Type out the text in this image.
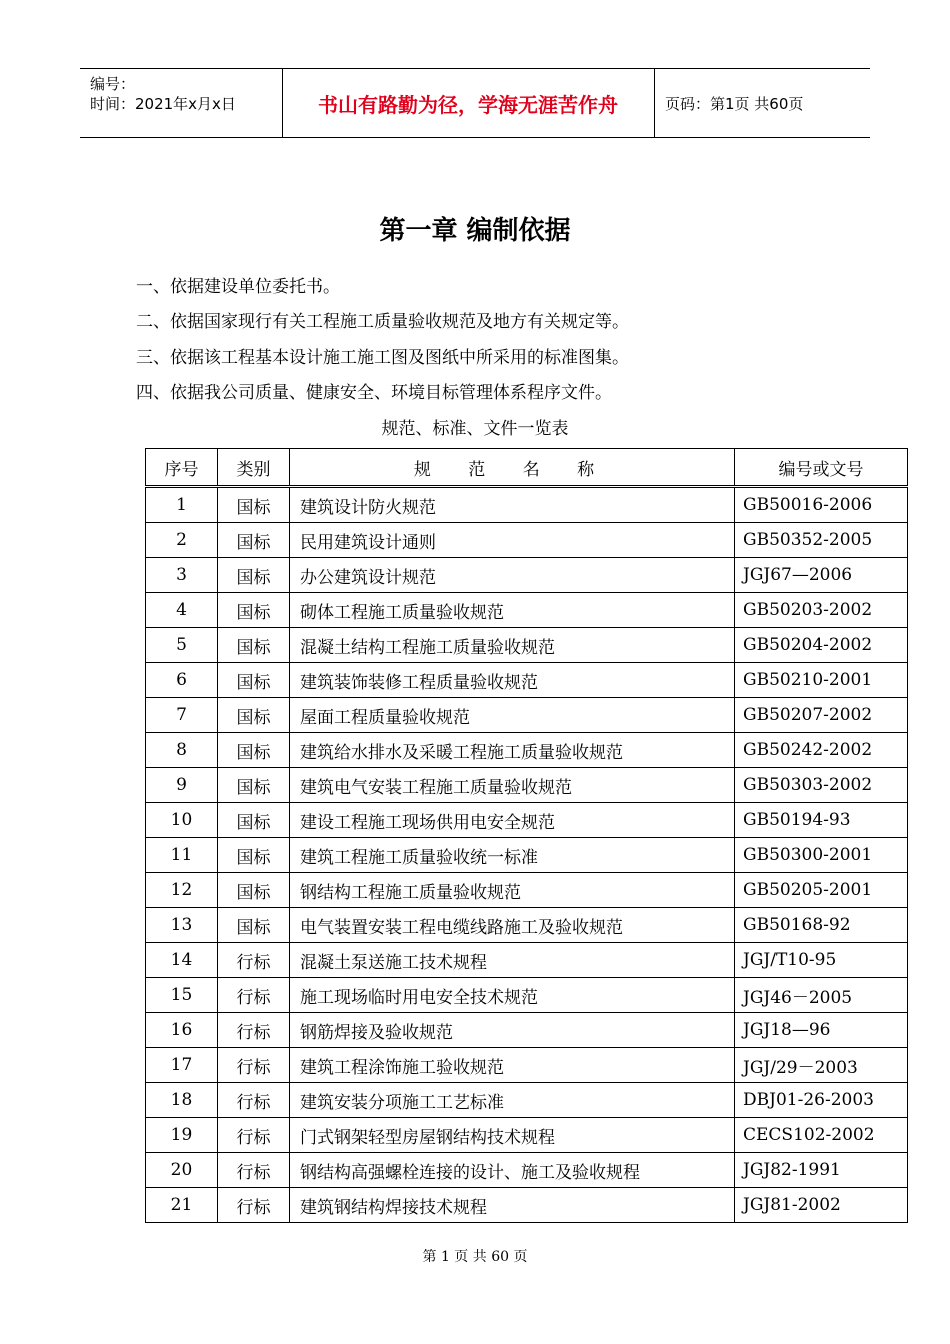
编号：
时间：2021年x月x日	书山有路勤为径，学海无涯苦作舟	页码：第1页 共60页
第一章 编制依据
一、依据建设单位委托书。
二、依据国家现行有关工程施工质量验收规范及地方有关规定等。
三、依据该工程基本设计施工施工图及图纸中所采用的标准图集。
四、依据我公司质量、健康安全、环境目标管理体系程序文件。
规范、标准、文件一览表
序号	类别	规 范 名 称	编号或文号
1	国标	建筑设计防火规范	GB50016-2006
2	国标	民用建筑设计通则	GB50352-2005
3	国标	办公建筑设计规范	JGJ67—2006
4	国标	砌体工程施工质量验收规范	GB50203-2002
5	国标	混凝土结构工程施工质量验收规范	GB50204-2002
6	国标	建筑装饰装修工程质量验收规范	GB50210-2001
7	国标	屋面工程质量验收规范	GB50207-2002
8	国标	建筑给水排水及采暖工程施工质量验收规范	GB50242-2002
9	国标	建筑电气安装工程施工质量验收规范	GB50303-2002
10	国标	建设工程施工现场供用电安全规范	GB50194-93
11	国标	建筑工程施工质量验收统一标准	GB50300-2001
12	国标	钢结构工程施工质量验收规范	GB50205-2001
13	国标	电气装置安装工程电缆线路施工及验收规范	GB50168-92
14	行标	混凝土泵送施工技术规程	JGJ/T10-95
15	行标	施工现场临时用电安全技术规范	JGJ46－2005
16	行标	钢筋焊接及验收规范	JGJ18—96
17	行标	建筑工程涂饰施工验收规范	JGJ/29－2003
18	行标	建筑安装分项施工工艺标准	DBJ01-26-2003
19	行标	门式钢架轻型房屋钢结构技术规程	CECS102-2002
20	行标	钢结构高强螺栓连接的设计、施工及验收规程	JGJ82-1991
21	行标	建筑钢结构焊接技术规程	JGJ81-2002
第 1 页 共 60 页
